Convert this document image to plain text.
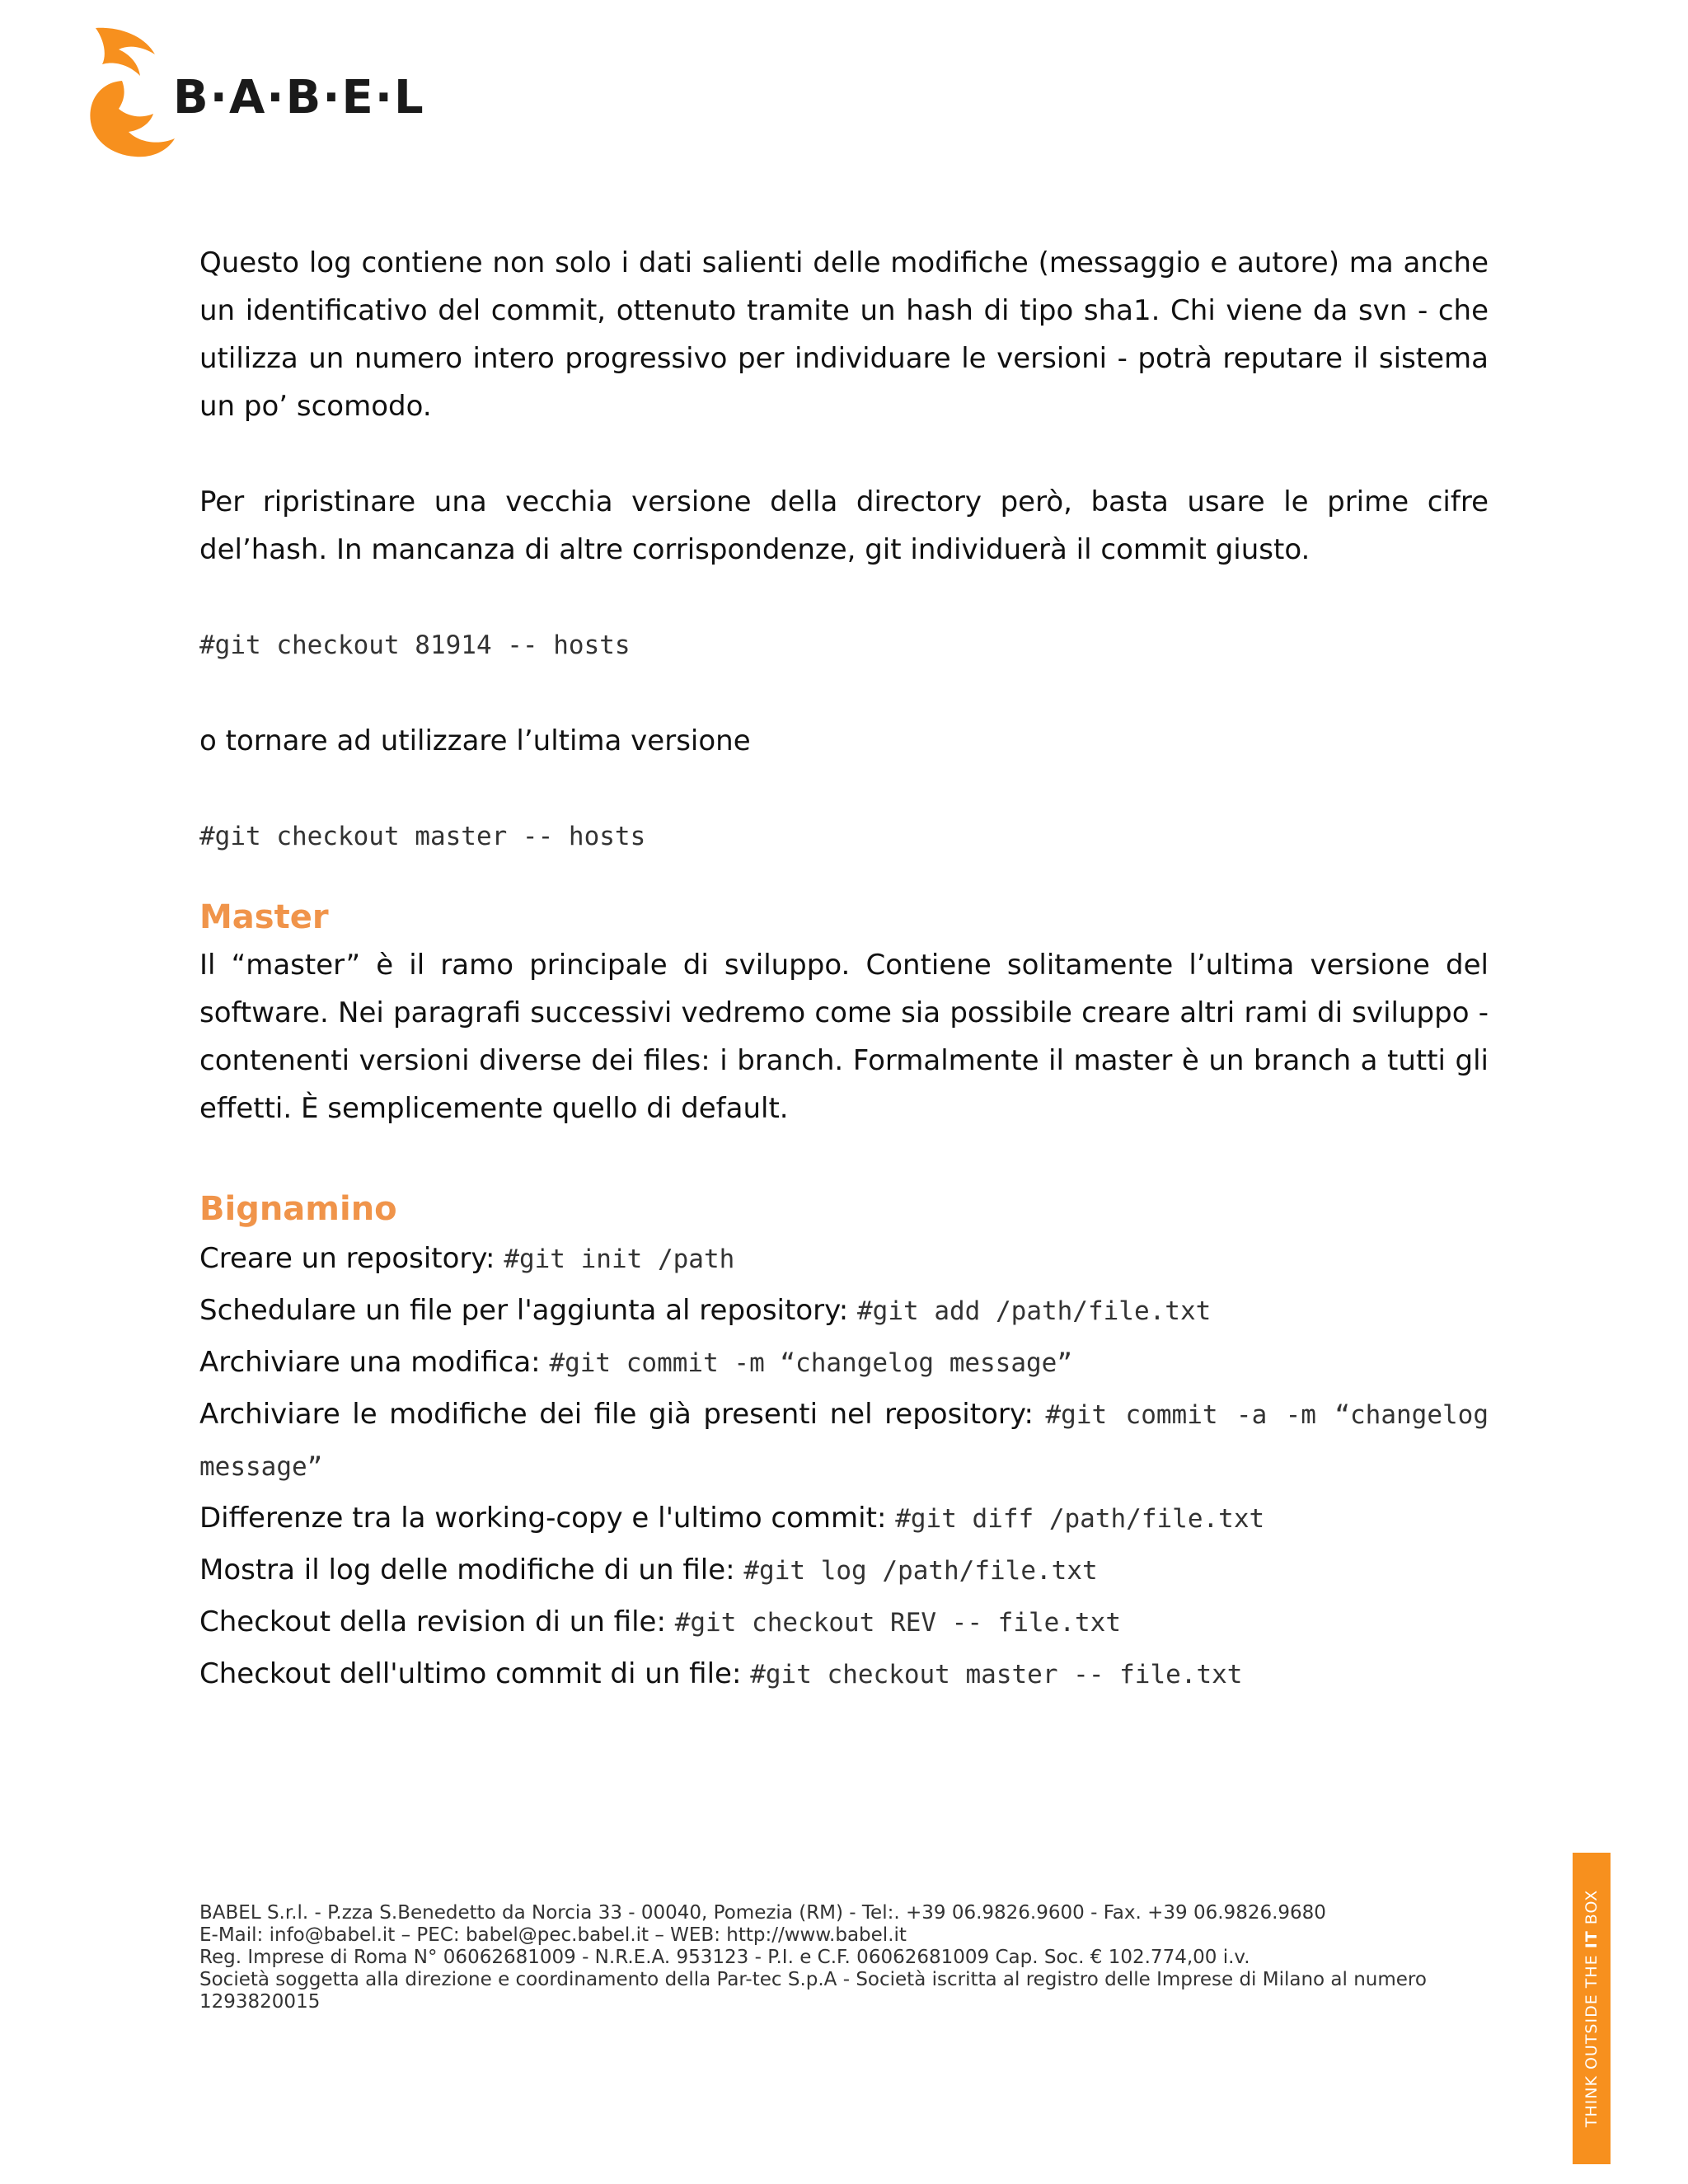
B·A·B·E·L

Questo log contiene non solo i dati salienti delle modifiche (messaggio e autore) ma anche un identificativo del commit, ottenuto tramite un hash di tipo sha1. Chi viene da svn - che utilizza un numero intero progressivo per individuare le versioni - potrà reputare il sistema un po’ scomodo.

Per ripristinare una vecchia versione della directory però, basta usare le prime cifre del’hash. In mancanza di altre corrispondenze, git individuerà il commit giusto.

#git checkout 81914 -- hosts

o tornare ad utilizzare l’ultima versione

#git checkout master -- hosts

Master

Il “master” è il ramo principale di sviluppo. Contiene solitamente l’ultima versione del software. Nei paragrafi successivi vedremo come sia possibile creare altri rami di sviluppo - contenenti versioni diverse dei files: i branch. Formalmente il master è un branch a tutti gli effetti. È semplicemente quello di default.

Bignamino

Creare un repository: #git init /path

Schedulare un file per l'aggiunta al repository: #git add /path/file.txt

Archiviare una modifica: #git commit -m “changelog message”

Archiviare le modifiche dei file già presenti nel repository: #git commit -a -m “changelog message”

Differenze tra la working-copy e l'ultimo commit: #git diff /path/file.txt

Mostra il log delle modifiche di un file: #git log /path/file.txt

Checkout della revision di un file: #git checkout REV -- file.txt

Checkout dell'ultimo commit di un file: #git checkout master -- file.txt

BABEL S.r.l. - P.zza S.Benedetto da Norcia 33 - 00040, Pomezia (RM) - Tel:. +39 06.9826.9600 - Fax. +39 06.9826.9680

E-Mail: info@babel.it – PEC: babel@pec.babel.it – WEB: http://www.babel.it

Reg. Imprese di Roma N° 06062681009 - N.R.E.A. 953123 - P.I. e C.F. 06062681009 Cap. Soc. € 102.774,00 i.v.

Società soggetta alla direzione e coordinamento della Par-tec S.p.A - Società iscritta al registro delle Imprese di Milano al numero 1293820015	THINK OUTSIDE THE IT BOX
